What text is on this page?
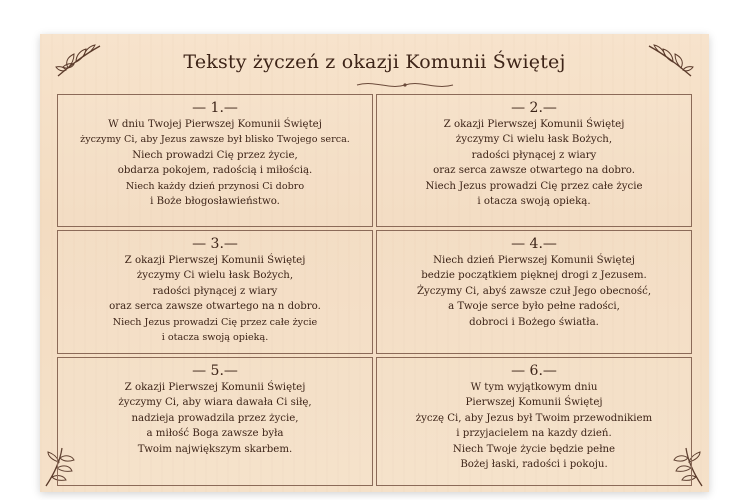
Teksty życzeń z okazji Komunii Świętej
— 1.—
W dniu Twojej Pierwszej Komunii Świętej
życzymy Ci, aby Jezus zawsze był blisko Twojego serca.
Niech prowadzi Cię przez życie,
obdarza pokojem, radością i miłością.
Niech każdy dzień przynosi Ci dobro
i Boże błogosławieństwo.
— 2.—
Z okazji Pierwszej Komunii Świętej
życzymy Ci wielu łask Bożych,
radości płynącej z wiary
oraz serca zawsze otwartego na dobro.
Niech Jezus prowadzi Cię przez całe życie
i otacza swoją opieką.
— 3.—
Z okazji Pierwszej Komunii Świętej
życzymy Ci wielu łask Bożych,
radości płynącej z wiary
oraz serca zawsze otwartego na n dobro.
Niech Jezus prowadzi Cię przez całe życie
i otacza swoją opieką.
— 4.—
Niech dzień Pierwszej Komunii Świętej
bedzie początkiem pięknej drogi z Jezusem.
Życzymy Ci, abyś zawsze czuł Jego obecność,
a Twoje serce było pełne radości,
dobroci i Bożego światła.
— 5.—
Z okazji Pierwszej Komunii Świętej
życzymy Ci, aby wiara dawała Ci siłę,
nadzieja prowadzila przez życie,
a miłość Boga zawsze była
Twoim największym skarbem.
— 6.—
W tym wyjątkowym dniu
Pierwszej Komunii Świętej
życzę Ci, aby Jezus był Twoim przewodnikiem
i przyjacielem na kazdy dzień.
Niech Twoje życie będzie pełne
Bożej łaski, radości i pokoju.
